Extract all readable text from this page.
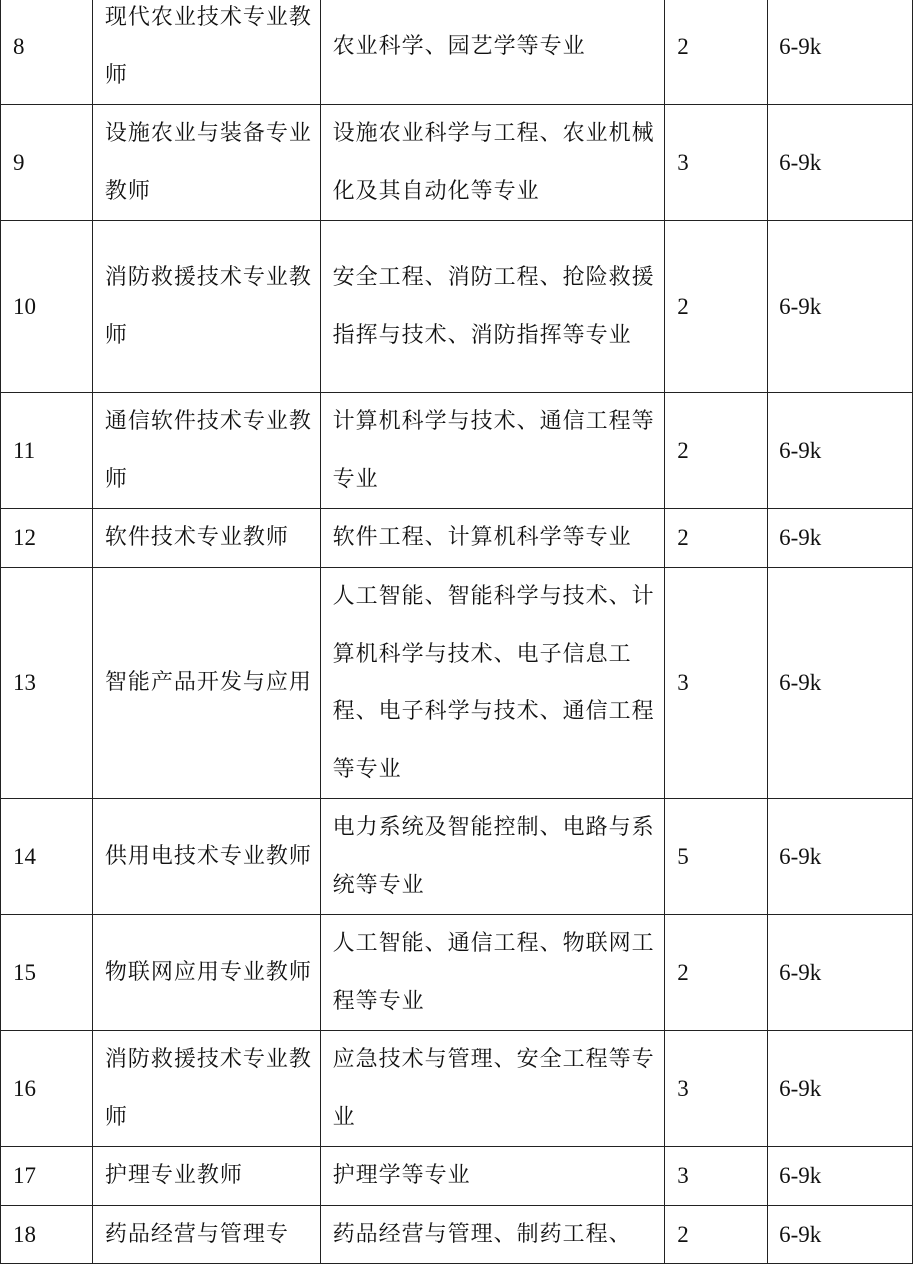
8	现代农业技术专业教师	农业科学、园艺学等专业	2	6-9k
9	设施农业与装备专业教师	设施农业科学与工程、农业机械化及其自动化等专业	3	6-9k
10	消防救援技术专业教师	安全工程、消防工程、抢险救援指挥与技术、消防指挥等专业	2	6-9k
11	通信软件技术专业教师	计算机科学与技术、通信工程等专业	2	6-9k
12	软件技术专业教师	软件工程、计算机科学等专业	2	6-9k
13	智能产品开发与应用	人工智能、智能科学与技术、计算机科学与技术、电子信息工程、电子科学与技术、通信工程等专业	3	6-9k
14	供用电技术专业教师	电力系统及智能控制、电路与系统等专业	5	6-9k
15	物联网应用专业教师	人工智能、通信工程、物联网工程等专业	2	6-9k
16	消防救援技术专业教师	应急技术与管理、安全工程等专业	3	6-9k
17	护理专业教师	护理学等专业	3	6-9k
18	药品经营与管理专	药品经营与管理、制药工程、	2	6-9k
